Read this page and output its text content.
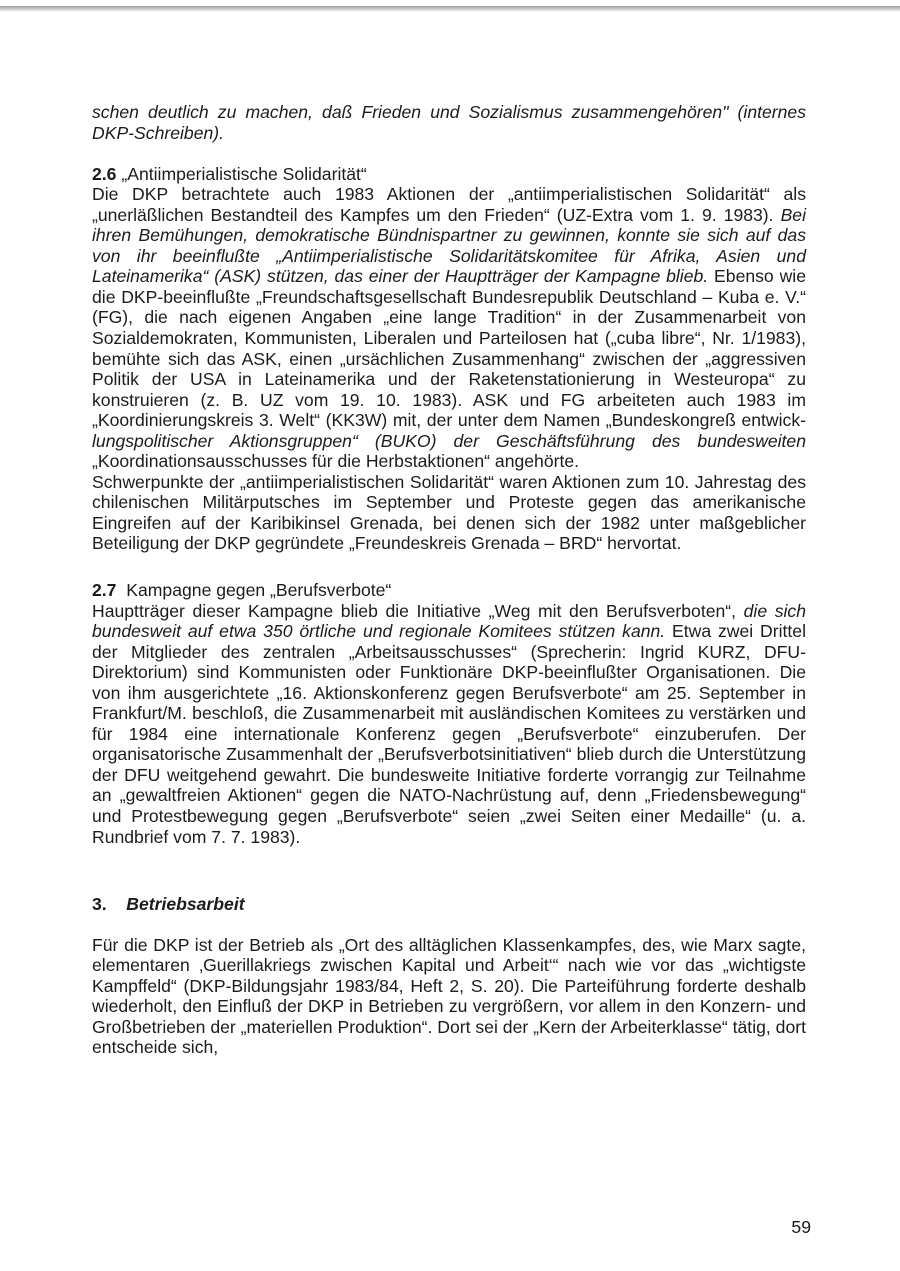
schen deutlich zu machen, daß Frieden und Sozialismus zusammengehören" (internes DKP-Schreiben).

2.6 „Antiimperialistische Solidarität“

Die DKP betrachtete auch 1983 Aktionen der „antiimperialistischen Solidarität“ als „unerläßlichen Bestandteil des Kampfes um den Frieden“ (UZ-Extra vom 1. 9. 1983). Bei ihren Bemühungen, demokratische Bündnispartner zu gewinnen, konnte sie sich auf das von ihr beeinflußte „Antiimperialistische Solidaritätskomitee für Afrika, Asien und Lateinamerika“ (ASK) stützen, das einer der Hauptträger der Kampagne blieb. Ebenso wie die DKP-beeinflußte „Freundschaftsgesellschaft Bundesrepublik Deutschland – Kuba e. V.“ (FG), die nach eigenen Angaben „eine lange Tradition“ in der Zusammenarbeit von Sozialdemokraten, Kommunisten, Liberalen und Parteilosen hat („cuba libre“, Nr. 1/1983), bemühte sich das ASK, einen „ursächlichen Zusammenhang“ zwischen der „aggressiven Politik der USA in Lateinamerika und der Raketenstationierung in Westeuropa“ zu konstruieren (z. B. UZ vom 19. 10. 1983). ASK und FG arbeiteten auch 1983 im „Koordinierungskreis 3. Welt“ (KK3W) mit, der unter dem Namen „Bundeskongreß entwick-lungspolitischer Aktionsgruppen“ (BUKO) der Geschäftsführung des bundesweiten „Koordinationsausschusses für die Herbstaktionen“ angehörte.

Schwerpunkte der „antiimperialistischen Solidarität“ waren Aktionen zum 10. Jahrestag des chilenischen Militärputsches im September und Proteste gegen das amerikanische Eingreifen auf der Karibikinsel Grenada, bei denen sich der 1982 unter maßgeblicher Beteiligung der DKP gegründete „Freundeskreis Grenada – BRD“ hervortat.

2.7 Kampagne gegen „Berufsverbote“

Hauptträger dieser Kampagne blieb die Initiative „Weg mit den Berufsverboten“, die sich bundesweit auf etwa 350 örtliche und regionale Komitees stützen kann. Etwa zwei Drittel der Mitglieder des zentralen „Arbeitsausschusses“ (Sprecherin: Ingrid KURZ, DFU-Direktorium) sind Kommunisten oder Funktionäre DKP-beeinflußter Organisationen. Die von ihm ausgerichtete „16. Aktionskonferenz gegen Berufsverbote“ am 25. September in Frankfurt/M. beschloß, die Zusammenarbeit mit ausländischen Komitees zu verstärken und für 1984 eine internationale Konferenz gegen „Berufsverbote“ einzuberufen. Der organisatorische Zusammenhalt der „Berufsverbotsinitiativen“ blieb durch die Unterstützung der DFU weitgehend gewahrt. Die bundesweite Initiative forderte vorrangig zur Teilnahme an „gewaltfreien Aktionen“ gegen die NATO-Nachrüstung auf, denn „Friedensbewegung“ und Protestbewegung gegen „Berufsverbote“ seien „zwei Seiten einer Medaille“ (u. a. Rundbrief vom 7. 7. 1983).

3. Betriebsarbeit

Für die DKP ist der Betrieb als „Ort des alltäglichen Klassenkampfes, des, wie Marx sagte, elementaren ‚Guerillakriegs zwischen Kapital und Arbeit‘“ nach wie vor das „wichtigste Kampffeld“ (DKP-Bildungsjahr 1983/84, Heft 2, S. 20). Die Parteiführung forderte deshalb wiederholt, den Einfluß der DKP in Betrieben zu vergrößern, vor allem in den Konzern- und Großbetrieben der „materiellen Produktion“. Dort sei der „Kern der Arbeiterklasse“ tätig, dort entscheide sich,

59
